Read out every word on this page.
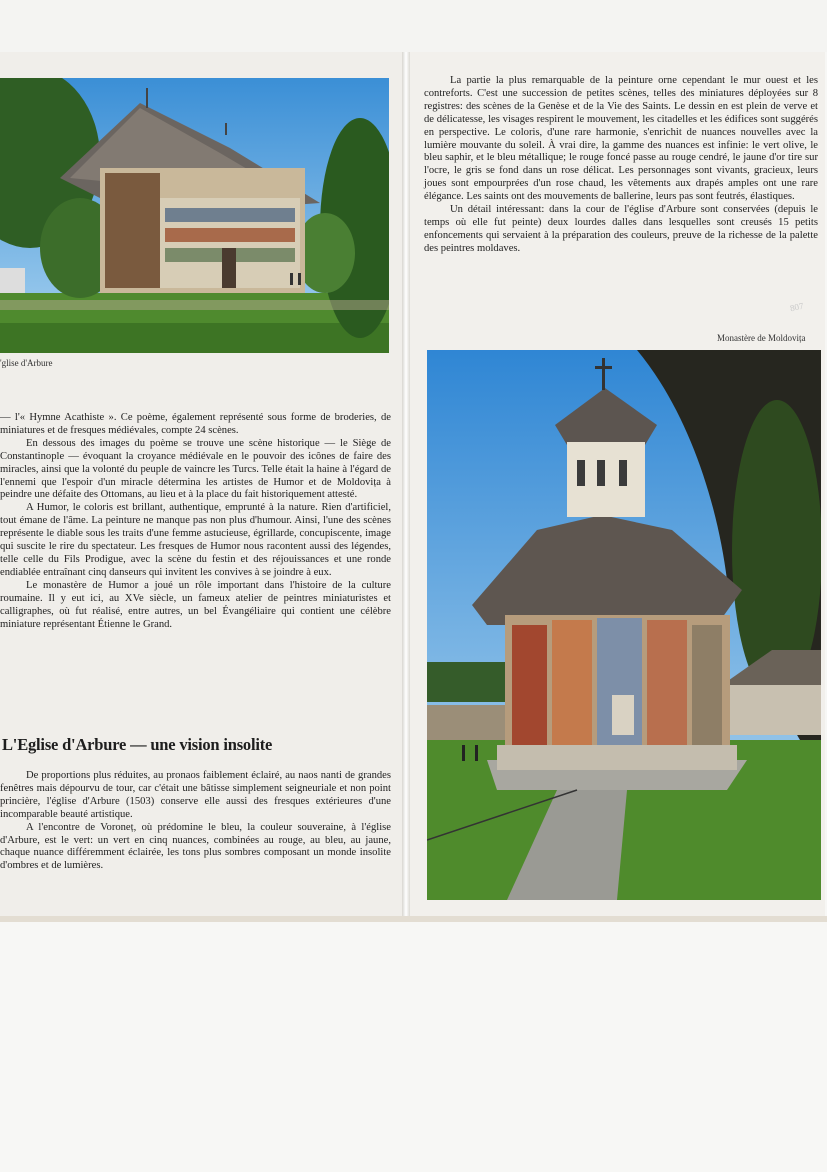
'glise d'Arbure

La partie la plus remarquable de la peinture orne cependant le mur ouest et les contreforts. C'est une succession de petites scènes, telles des miniatures déployées sur 8 registres: des scènes de la Genèse et de la Vie des Saints. Le dessin en est plein de verve et de délicatesse, les visages respirent le mouvement, les citadelles et les édifices sont suggérés en perspective. Le coloris, d'une rare harmonie, s'enrichit de nuances nouvelles avec la lumière mouvante du soleil. À vrai dire, la gamme des nuances est infinie: le vert olive, le bleu saphir, et le bleu métallique; le rouge foncé passe au rouge cendré, le jaune d'or tire sur l'ocre, le gris se fond dans un rose délicat. Les personnages sont vivants, gracieux, leurs joues sont empourprées d'un rose chaud, les vêtements aux drapés amples ont une rare élégance. Les saints ont des mouvements de ballerine, leurs pas sont feutrés, élastiques.

Un détail intéressant: dans la cour de l'église d'Arbure sont conservées (depuis le temps où elle fut peinte) deux lourdes dalles dans lesquelles sont creusés 15 petits enfoncements qui servaient à la préparation des couleurs, preuve de la richesse de la palette des peintres moldaves.

Monastère de Moldovița
807

— l'« Hymne Acathiste ». Ce poème, également représenté sous forme de broderies, de miniatures et de fresques médiévales, compte 24 scènes.

En dessous des images du poème se trouve une scène historique — le Siège de Constantinople — évoquant la croyance médiévale en le pouvoir des icônes de faire des miracles, ainsi que la volonté du peuple de vaincre les Turcs. Telle était la haine à l'égard de l'ennemi que l'espoir d'un miracle détermina les artistes de Humor et de Moldovița à peindre une défaite des Ottomans, au lieu et à la place du fait historiquement attesté.

A Humor, le coloris est brillant, authentique, emprunté à la nature. Rien d'artificiel, tout émane de l'âme. La peinture ne manque pas non plus d'humour. Ainsi, l'une des scènes représente le diable sous les traits d'une femme astucieuse, égrillarde, concupiscente, image qui suscite le rire du spectateur. Les fresques de Humor nous racontent aussi des légendes, telle celle du Fils Prodigue, avec la scène du festin et des réjouissances et une ronde endiablée entraînant cinq danseurs qui invitent les convives à se joindre à eux.

Le monastère de Humor a joué un rôle important dans l'histoire de la culture roumaine. Il y eut ici, au XVe siècle, un fameux atelier de peintres miniaturistes et calligraphes, où fut réalisé, entre autres, un bel Évangéliaire qui contient une célèbre miniature représentant Étienne le Grand.

L'Eglise d'Arbure — une vision insolite

De proportions plus réduites, au pronaos faiblement éclairé, au naos nanti de grandes fenêtres mais dépourvu de tour, car c'était une bâtisse simplement seigneuriale et non point princière, l'église d'Arbure (1503) conserve elle aussi des fresques extérieures d'une incomparable beauté artistique.

A l'encontre de Voroneț, où prédomine le bleu, la couleur souveraine, à l'église d'Arbure, est le vert: un vert en cinq nuances, combinées au rouge, au bleu, au jaune, chaque nuance différemment éclairée, les tons plus sombres composant un monde insolite d'ombres et de lumières.
